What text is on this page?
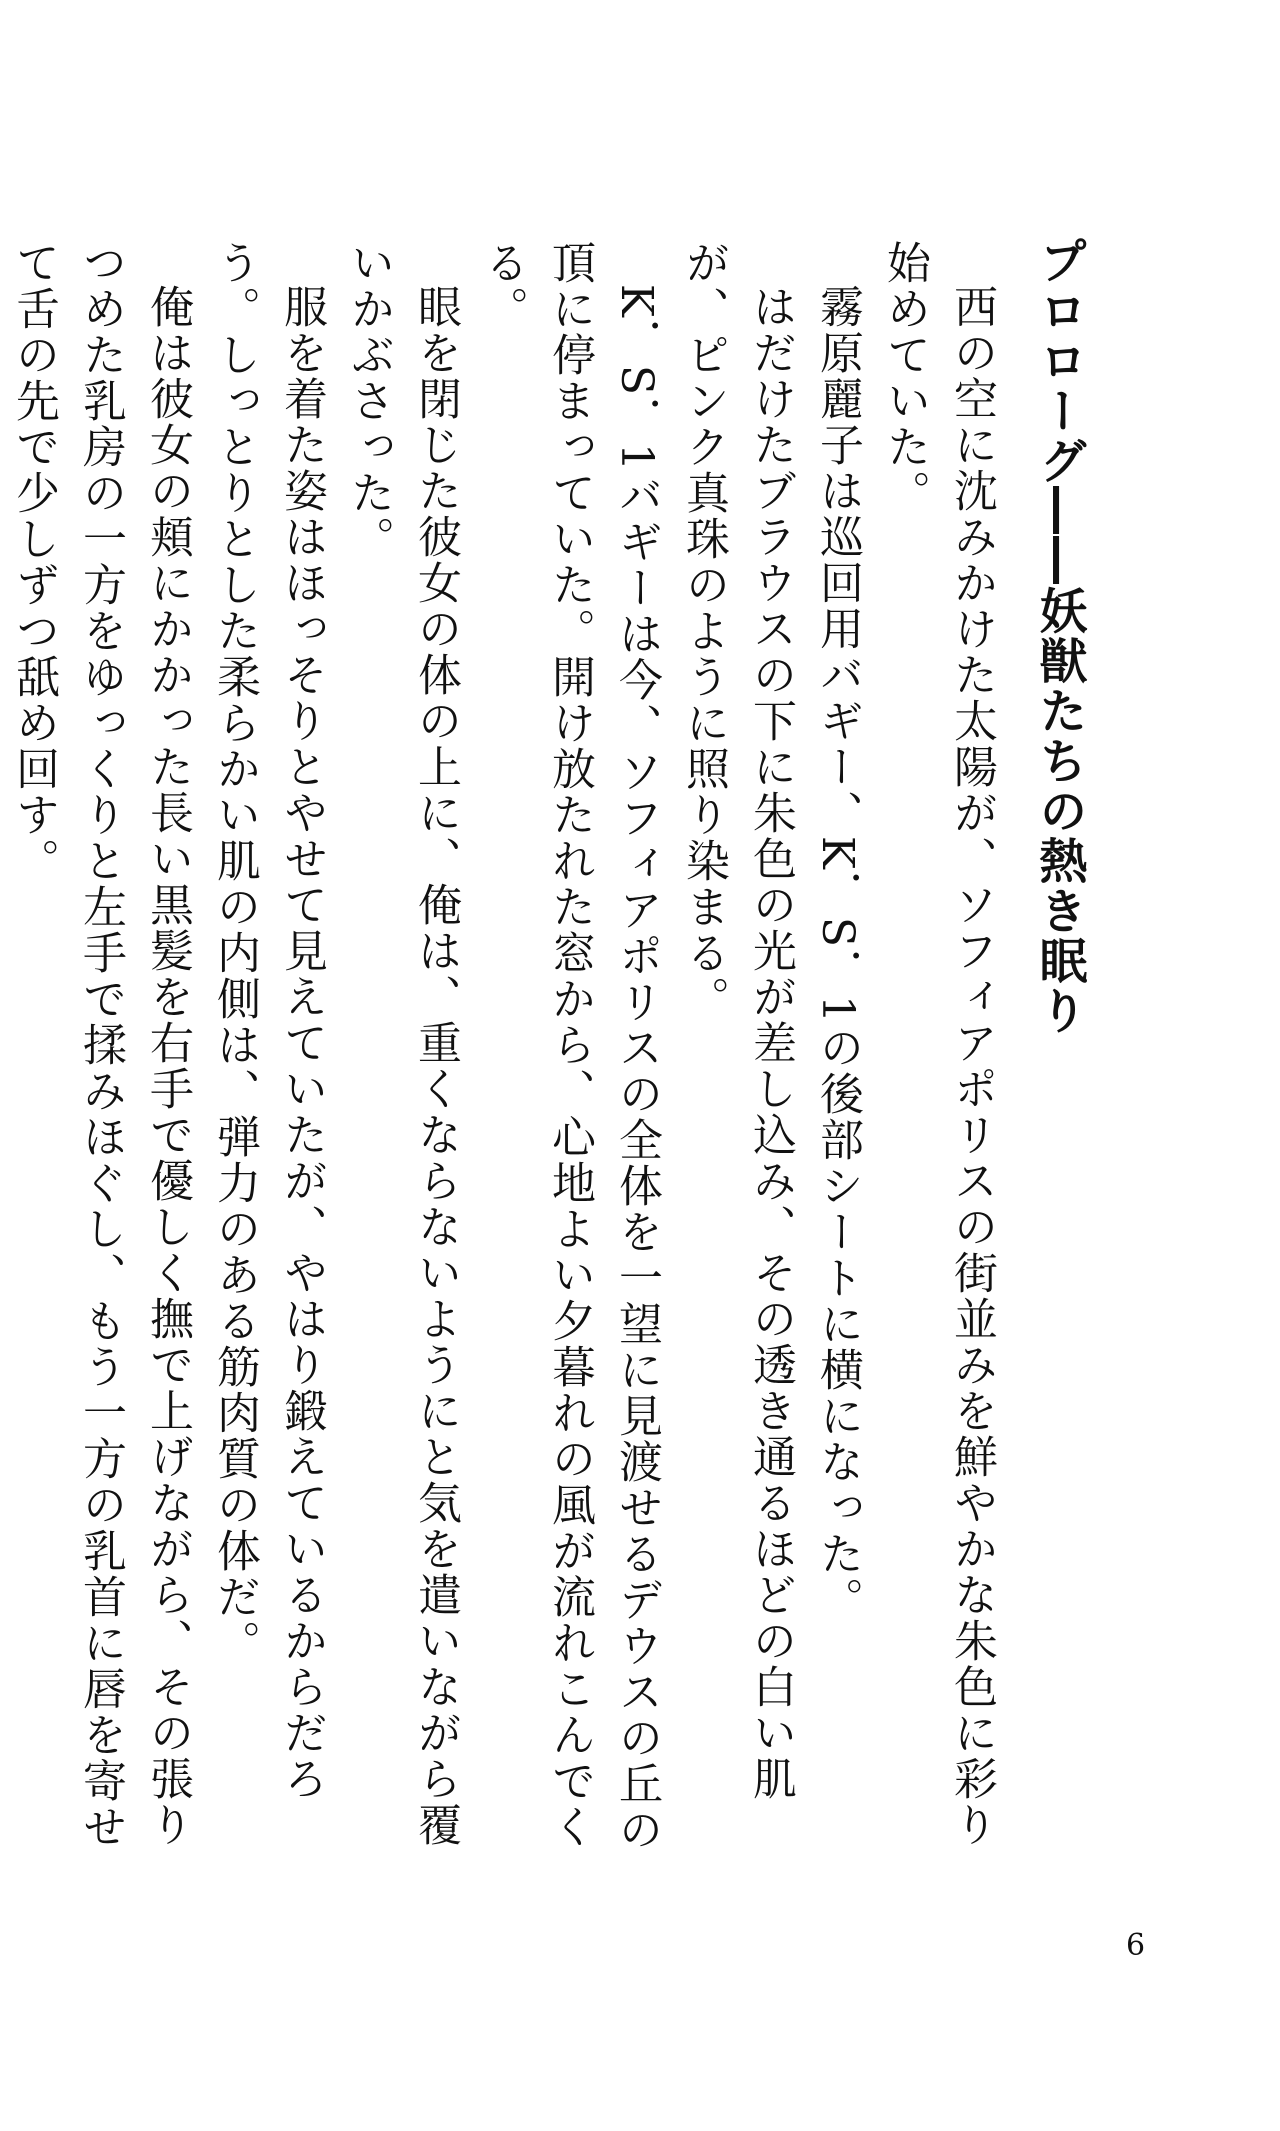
プロローグ――妖獣たちの熱き眠り

西の空に沈みかけた太陽が、ソフィアポリスの街並みを鮮やかな朱色に彩り始めていた。

霧原麗子は巡回用バギー、K．S．1の後部シートに横になった。

はだけたブラウスの下に朱色の光が差し込み、その透き通るほどの白い肌が、ピンク真珠のように照り染まる。

K．S．1バギーは今、ソフィアポリスの全体を一望に見渡せるデウスの丘の頂に停まっていた。開け放たれた窓から、心地よい夕暮れの風が流れこんでくる。

眼を閉じた彼女の体の上に、俺は、重くならないようにと気を遣いながら覆いかぶさった。

服を着た姿はほっそりとやせて見えていたが、やはり鍛えているからだろう。しっとりとした柔らかい肌の内側は、弾力のある筋肉質の体だ。

俺は彼女の頬にかかった長い黒髪を右手で優しく撫で上げながら、その張りつめた乳房の一方をゆっくりと左手で揉みほぐし、もう一方の乳首に唇を寄せて舌の先で少しずつ舐め回す。

6
